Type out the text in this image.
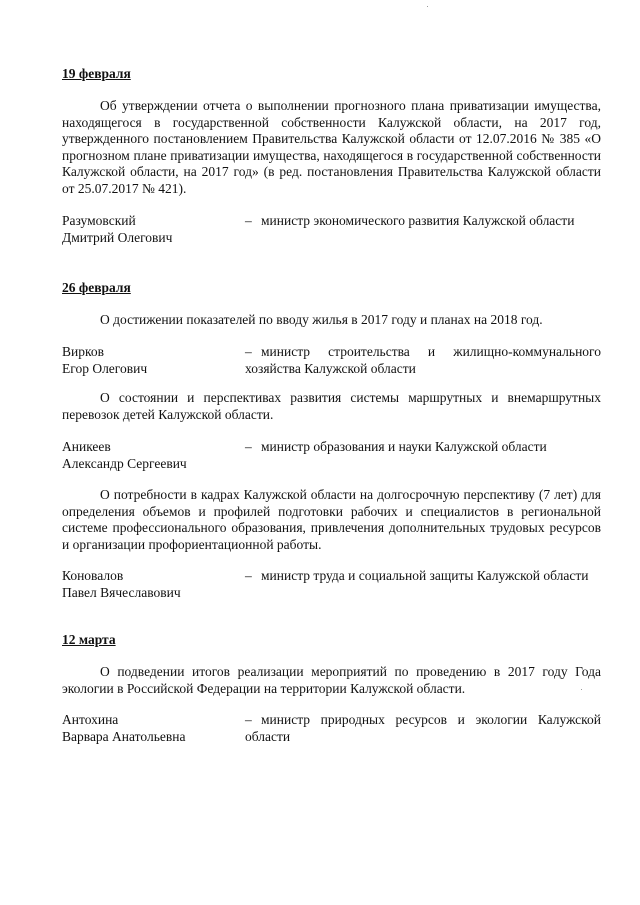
19 февраля
Об утверждении отчета о выполнении прогнозного плана приватизации имущества, находящегося в государственной собственности Калужской области, на 2017 год, утвержденного постановлением Правительства Калужской области от 12.07.2016 № 385 «О прогнозном плане приватизации имущества, находящегося в государственной собственности Калужской области, на 2017 год» (в ред. постановления Правительства Калужской области от 25.07.2017 № 421).
Разумовский
Дмитрий Олегович
– министр экономического развития Калужской области
26 февраля
О достижении показателей по вводу жилья в 2017 году и планах на 2018 год.
Вирков
Егор Олегович
– министр строительства и жилищно-коммунального хозяйства Калужской области
О состоянии и перспективах развития системы маршрутных и внемаршрутных перевозок детей Калужской области.
Аникеев
Александр Сергеевич
– министр образования и науки Калужской области
О потребности в кадрах Калужской области на долгосрочную перспективу (7 лет) для определения объемов и профилей подготовки рабочих и специалистов в региональной системе профессионального образования, привлечения дополнительных трудовых ресурсов и организации профориентационной работы.
Коновалов
Павел Вячеславович
– министр труда и социальной защиты Калужской области
12 марта
О подведении итогов реализации мероприятий по проведению в 2017 году Года экологии в Российской Федерации на территории Калужской области.
Антохина
Варвара Анатольевна
– министр природных ресурсов и экологии Калужской области
